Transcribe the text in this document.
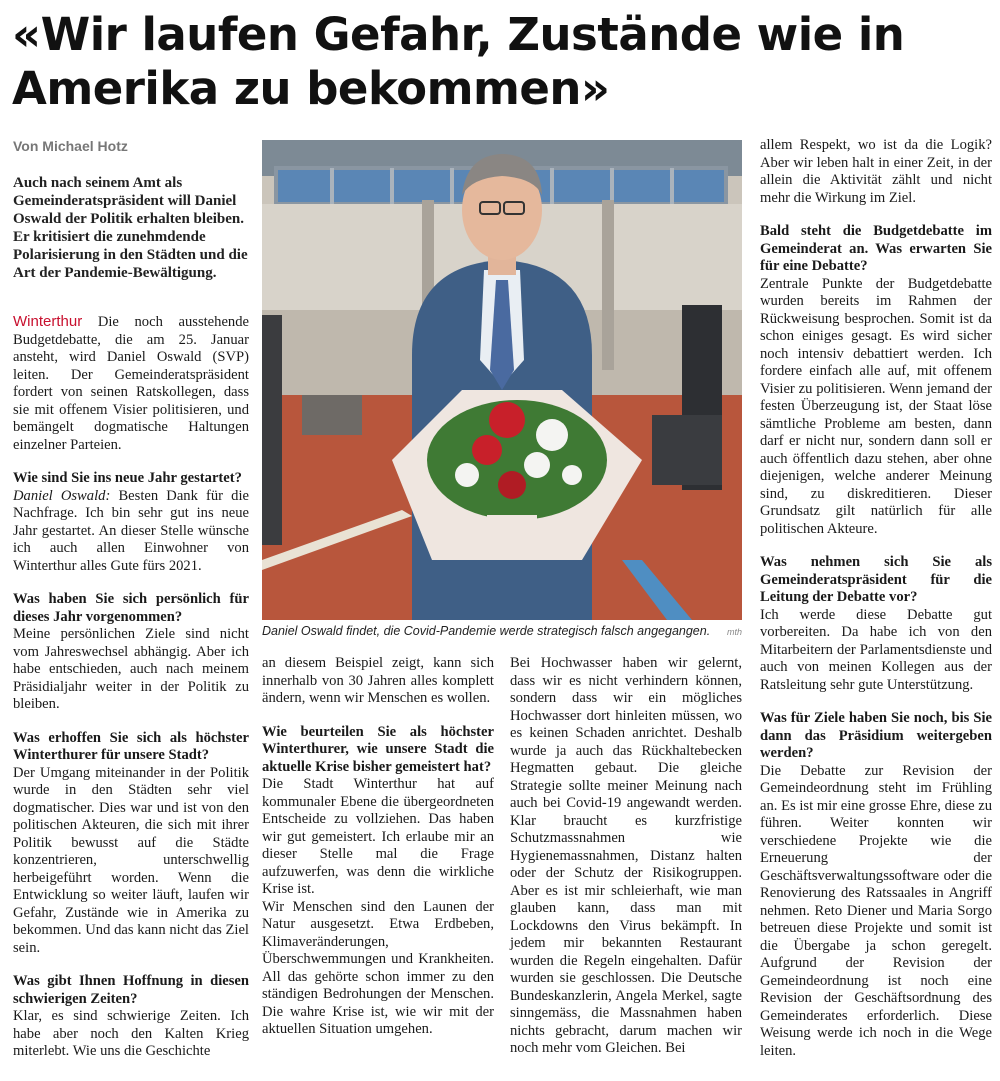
«Wir laufen Gefahr, Zustände wie in Amerika zu bekommen»
Von Michael Hotz

Auch nach seinem Amt als Gemeinderatspräsident will Daniel Oswald der Politik erhalten bleiben. Er kritisiert die zunehmdende Polarisierung in den Städten und die Art der Pandemie-Bewältigung.

Winterthur Die noch ausstehende Budgetdebatte, die am 25. Januar ansteht, wird Daniel Oswald (SVP) leiten. Der Gemeinderatspräsident fordert von seinen Ratskollegen, dass sie mit offenem Visier politisieren, und bemängelt dogmatische Haltungen einzelner Parteien.

Wie sind Sie ins neue Jahr gestartet?

Daniel Oswald: Besten Dank für die Nachfrage. Ich bin sehr gut ins neue Jahr gestartet. An dieser Stelle wünsche ich auch allen Einwohner von Winterthur alles Gute fürs 2021.

Was haben Sie sich persönlich für dieses Jahr vorgenommen?

Meine persönlichen Ziele sind nicht vom Jahreswechsel abhängig. Aber ich habe entschieden, auch nach meinem Präsidialjahr weiter in der Politik zu bleiben.

Was erhoffen Sie sich als höchster Winterthurer für unsere Stadt?

Der Umgang miteinander in der Politik wurde in den Städten sehr viel dogmatischer. Dies war und ist von den politischen Akteuren, die sich mit ihrer Politik bewusst auf die Städte konzentrieren, unterschwellig herbeigeführt worden. Wenn die Entwicklung so weiter läuft, laufen wir Gefahr, Zustände wie in Amerika zu bekommen. Und das kann nicht das Ziel sein.

Was gibt Ihnen Hoffnung in diesen schwierigen Zeiten?

Klar, es sind schwierige Zeiten. Ich habe aber noch den Kalten Krieg miterlebt. Wie uns die Geschichte

Daniel Oswald findet, die Covid-Pandemie werde strategisch falsch angegangen.	mth

an diesem Beispiel zeigt, kann sich innerhalb von 30 Jahren alles komplett ändern, wenn wir Menschen es wollen.

Wie beurteilen Sie als höchster Winterthurer, wie unsere Stadt die aktuelle Krise bisher gemeistert hat?

Die Stadt Winterthur hat auf kommunaler Ebene die übergeordneten Entscheide zu vollziehen. Das haben wir gut gemeistert. Ich erlaube mir an dieser Stelle mal die Frage aufzuwerfen, was denn die wirkliche Krise ist.

Wir Menschen sind den Launen der Natur ausgesetzt. Etwa Erdbeben, Klimaveränderungen, Überschwemmungen und Krankheiten. All das gehörte schon immer zu den ständigen Bedrohungen der Menschen. Die wahre Krise ist, wie wir mit der aktuellen Situation umgehen.

Bei Hochwasser haben wir gelernt, dass wir es nicht verhindern können, sondern dass wir ein mögliches Hochwasser dort hinleiten müssen, wo es keinen Schaden anrichtet. Deshalb wurde ja auch das Rückhaltebecken Hegmatten gebaut. Die gleiche Strategie sollte meiner Meinung nach auch bei Covid-19 angewandt werden. Klar braucht es kurzfristige Schutzmassnahmen wie Hygienemassnahmen, Distanz halten oder der Schutz der Risikogruppen. Aber es ist mir schleierhaft, wie man glauben kann, dass man mit Lockdowns den Virus bekämpft. In jedem mir bekannten Restaurant wurden die Regeln eingehalten. Dafür wurden sie geschlossen. Die Deutsche Bundeskanzlerin, Angela Merkel, sagte sinngemäss, die Massnahmen haben nichts gebracht, darum machen wir noch mehr vom Gleichen. Bei

allem Respekt, wo ist da die Logik? Aber wir leben halt in einer Zeit, in der allein die Aktivität zählt und nicht mehr die Wirkung im Ziel.

Bald steht die Budgetdebatte im Gemeinderat an. Was erwarten Sie für eine Debatte?

Zentrale Punkte der Budgetdebatte wurden bereits im Rahmen der Rückweisung besprochen. Somit ist da schon einiges gesagt. Es wird sicher noch intensiv debattiert werden. Ich fordere einfach alle auf, mit offenem Visier zu politisieren. Wenn jemand der festen Überzeugung ist, der Staat löse sämtliche Probleme am besten, dann darf er nicht nur, sondern dann soll er auch öffentlich dazu stehen, aber ohne diejenigen, welche anderer Meinung sind, zu diskreditieren. Dieser Grundsatz gilt natürlich für alle politischen Akteure.

Was nehmen sich Sie als Gemeinderatspräsident für die Leitung der Debatte vor?

Ich werde diese Debatte gut vorbereiten. Da habe ich von den Mitarbeitern der Parlamentsdienste und auch von meinen Kollegen aus der Ratsleitung sehr gute Unterstützung.

Was für Ziele haben Sie noch, bis Sie dann das Präsidium weitergeben werden?

Die Debatte zur Revision der Gemeindeordnung steht im Frühling an. Es ist mir eine grosse Ehre, diese zu führen. Weiter konnten wir verschiedene Projekte wie die Erneuerung der Geschäftsverwaltungssoftware oder die Renovierung des Ratssaales in Angriff nehmen. Reto Diener und Maria Sorgo betreuen diese Projekte und somit ist die Übergabe ja schon geregelt. Aufgrund der Revision der Gemeindeordnung ist noch eine Revision der Geschäftsordnung des Gemeinderates erforderlich. Diese Weisung werde ich noch in die Wege leiten.
